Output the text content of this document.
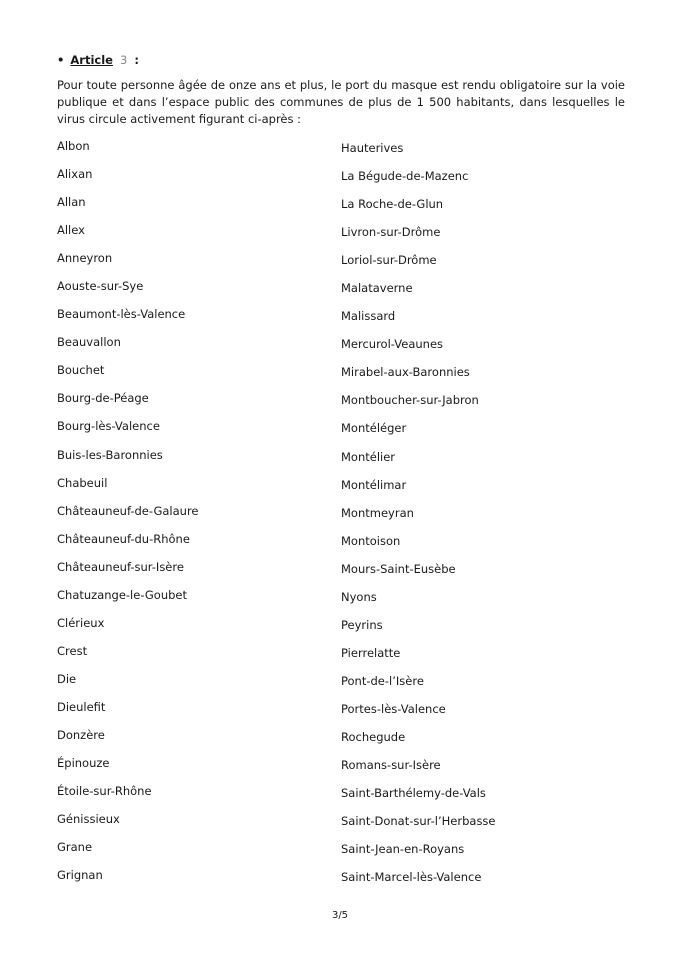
• Article 3 :

Pour toute personne âgée de onze ans et plus, le port du masque est rendu obligatoire sur la voie publique et dans l’espace public des communes de plus de 1 500 habitants, dans lesquelles le virus circule activement figurant ci-après :

Albon
Alixan
Allan
Allex
Anneyron
Aouste-sur-Sye
Beaumont-lès-Valence
Beauvallon
Bouchet
Bourg-de-Péage
Bourg-lès-Valence
Buis-les-Baronnies
Chabeuil
Châteauneuf-de-Galaure
Châteauneuf-du-Rhône
Châteauneuf-sur-Isère
Chatuzange-le-Goubet
Clérieux
Crest
Die
Dieulefit
Donzère
Épinouze
Étoile-sur-Rhône
Génissieux
Grane
Grignan
Hauterives
La Bégude-de-Mazenc
La Roche-de-Glun
Livron-sur-Drôme
Loriol-sur-Drôme
Malataverne
Malissard
Mercurol-Veaunes
Mirabel-aux-Baronnies
Montboucher-sur-Jabron
Montéléger
Montélier
Montélimar
Montmeyran
Montoison
Mours-Saint-Eusèbe
Nyons
Peyrins
Pierrelatte
Pont-de-l’Isère
Portes-lès-Valence
Rochegude
Romans-sur-Isère
Saint-Barthélemy-de-Vals
Saint-Donat-sur-l’Herbasse
Saint-Jean-en-Royans
Saint-Marcel-lès-Valence
3/5
